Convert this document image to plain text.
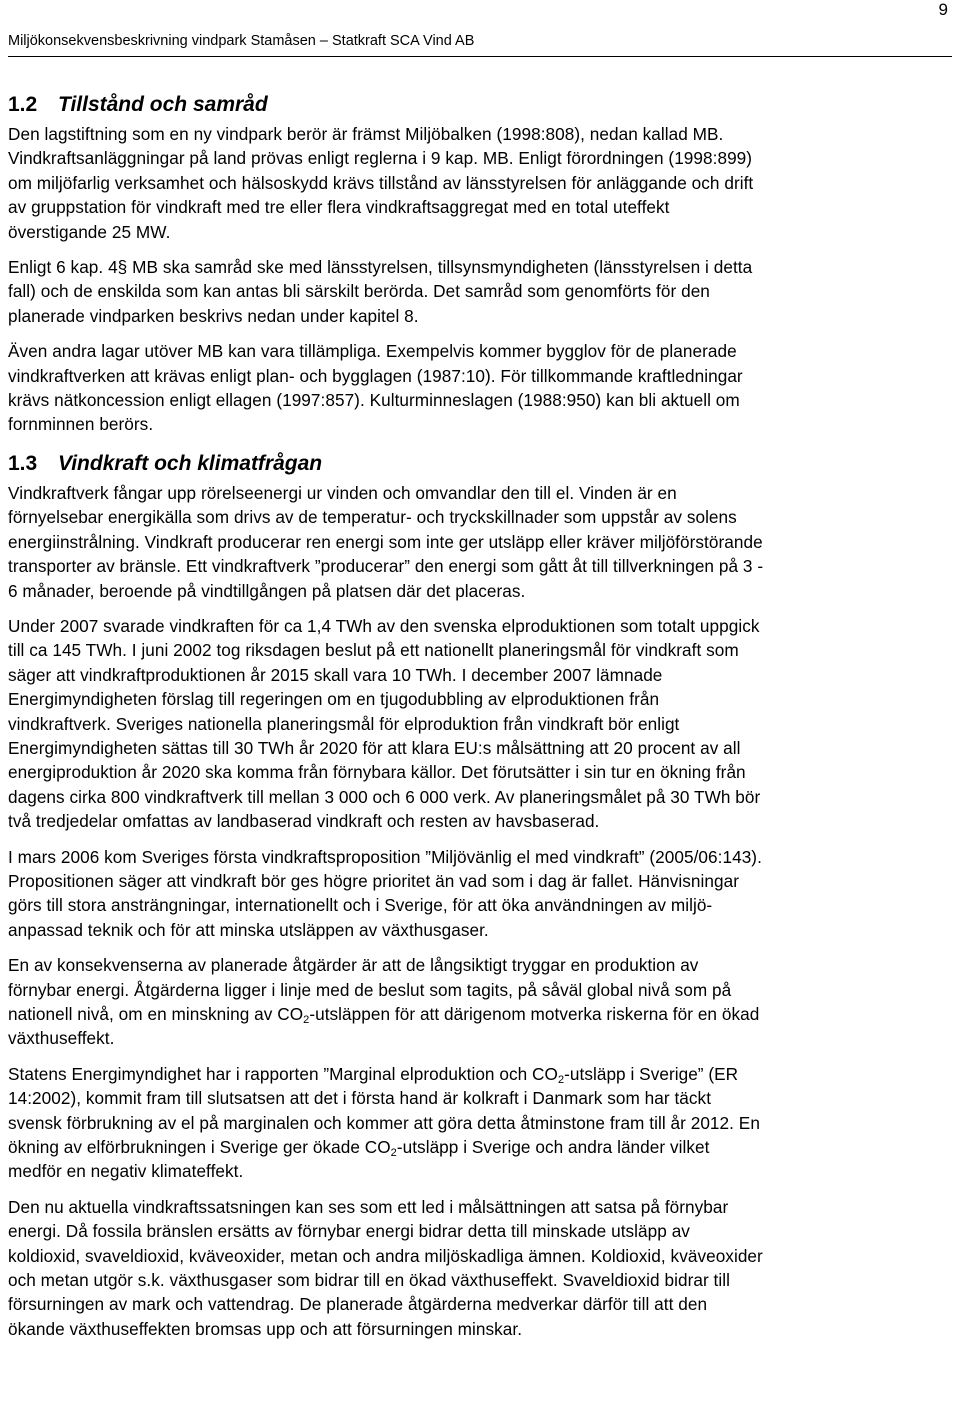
9
Miljökonsekvensbeskrivning vindpark Stamåsen – Statkraft SCA Vind AB
1.2 Tillstånd och samråd

Den lagstiftning som en ny vindpark berör är främst Miljöbalken (1998:808), nedan kallad MB.
Vindkraftsanläggningar på land prövas enligt reglerna i 9 kap. MB. Enligt förordningen (1998:899)
om miljöfarlig verksamhet och hälsoskydd krävs tillstånd av länsstyrelsen för anläggande och drift
av gruppstation för vindkraft med tre eller flera vindkraftsaggregat med en total uteffekt
överstigande 25 MW.

Enligt 6 kap. 4§ MB ska samråd ske med länsstyrelsen, tillsynsmyndigheten (länsstyrelsen i detta
fall) och de enskilda som kan antas bli särskilt berörda. Det samråd som genomförts för den
planerade vindparken beskrivs nedan under kapitel 8.

Även andra lagar utöver MB kan vara tillämpliga. Exempelvis kommer bygglov för de planerade
vindkraftverken att krävas enligt plan- och bygglagen (1987:10). För tillkommande kraftledningar
krävs nätkoncession enligt ellagen (1997:857). Kulturminneslagen (1988:950) kan bli aktuell om
fornminnen berörs.

1.3 Vindkraft och klimatfrågan

Vindkraftverk fångar upp rörelseenergi ur vinden och omvandlar den till el. Vinden är en
förnyelsebar energikälla som drivs av de temperatur- och tryckskillnader som uppstår av solens
energiinstrålning. Vindkraft producerar ren energi som inte ger utsläpp eller kräver miljöförstörande
transporter av bränsle. Ett vindkraftverk ”producerar” den energi som gått åt till tillverkningen på 3 -
6 månader, beroende på vindtillgången på platsen där det placeras.

Under 2007 svarade vindkraften för ca 1,4 TWh av den svenska elproduktionen som totalt uppgick
till ca 145 TWh. I juni 2002 tog riksdagen beslut på ett nationellt planeringsmål för vindkraft som
säger att vindkraftproduktionen år 2015 skall vara 10 TWh. I december 2007 lämnade
Energimyndigheten förslag till regeringen om en tjugodubbling av elproduktionen från
vindkraftverk. Sveriges nationella planeringsmål för elproduktion från vindkraft bör enligt
Energimyndigheten sättas till 30 TWh år 2020 för att klara EU:s målsättning att 20 procent av all
energiproduktion år 2020 ska komma från förnybara källor. Det förutsätter i sin tur en ökning från
dagens cirka 800 vindkraftverk till mellan 3 000 och 6 000 verk. Av planeringsmålet på 30 TWh bör
två tredjedelar omfattas av landbaserad vindkraft och resten av havsbaserad.

I mars 2006 kom Sveriges första vindkraftsproposition ”Miljövänlig el med vindkraft” (2005/06:143).
Propositionen säger att vindkraft bör ges högre prioritet än vad som i dag är fallet. Hänvisningar
görs till stora ansträngningar, internationellt och i Sverige, för att öka användningen av miljö-
anpassad teknik och för att minska utsläppen av växthusgaser.

En av konsekvenserna av planerade åtgärder är att de långsiktigt tryggar en produktion av
förnybar energi. Åtgärderna ligger i linje med de beslut som tagits, på såväl global nivå som på
nationell nivå, om en minskning av $CO_2$-utsläppen för att därigenom motverka riskerna för en ökad
växthuseffekt.

Statens Energimyndighet har i rapporten ”Marginal elproduktion och $CO_2$-utsläpp i Sverige” (ER
14:2002), kommit fram till slutsatsen att det i första hand är kolkraft i Danmark som har täckt
svensk förbrukning av el på marginalen och kommer att göra detta åtminstone fram till år 2012. En
ökning av elförbrukningen i Sverige ger ökade $CO_2$-utsläpp i Sverige och andra länder vilket
medför en negativ klimateffekt.

Den nu aktuella vindkraftssatsningen kan ses som ett led i målsättningen att satsa på förnybar
energi. Då fossila bränslen ersätts av förnybar energi bidrar detta till minskade utsläpp av
koldioxid, svaveldioxid, kväveoxider, metan och andra miljöskadliga ämnen. Koldioxid, kväveoxider
och metan utgör s.k. växthusgaser som bidrar till en ökad växthuseffekt. Svaveldioxid bidrar till
försurningen av mark och vattendrag. De planerade åtgärderna medverkar därför till att den
ökande växthuseffekten bromsas upp och att försurningen minskar.
